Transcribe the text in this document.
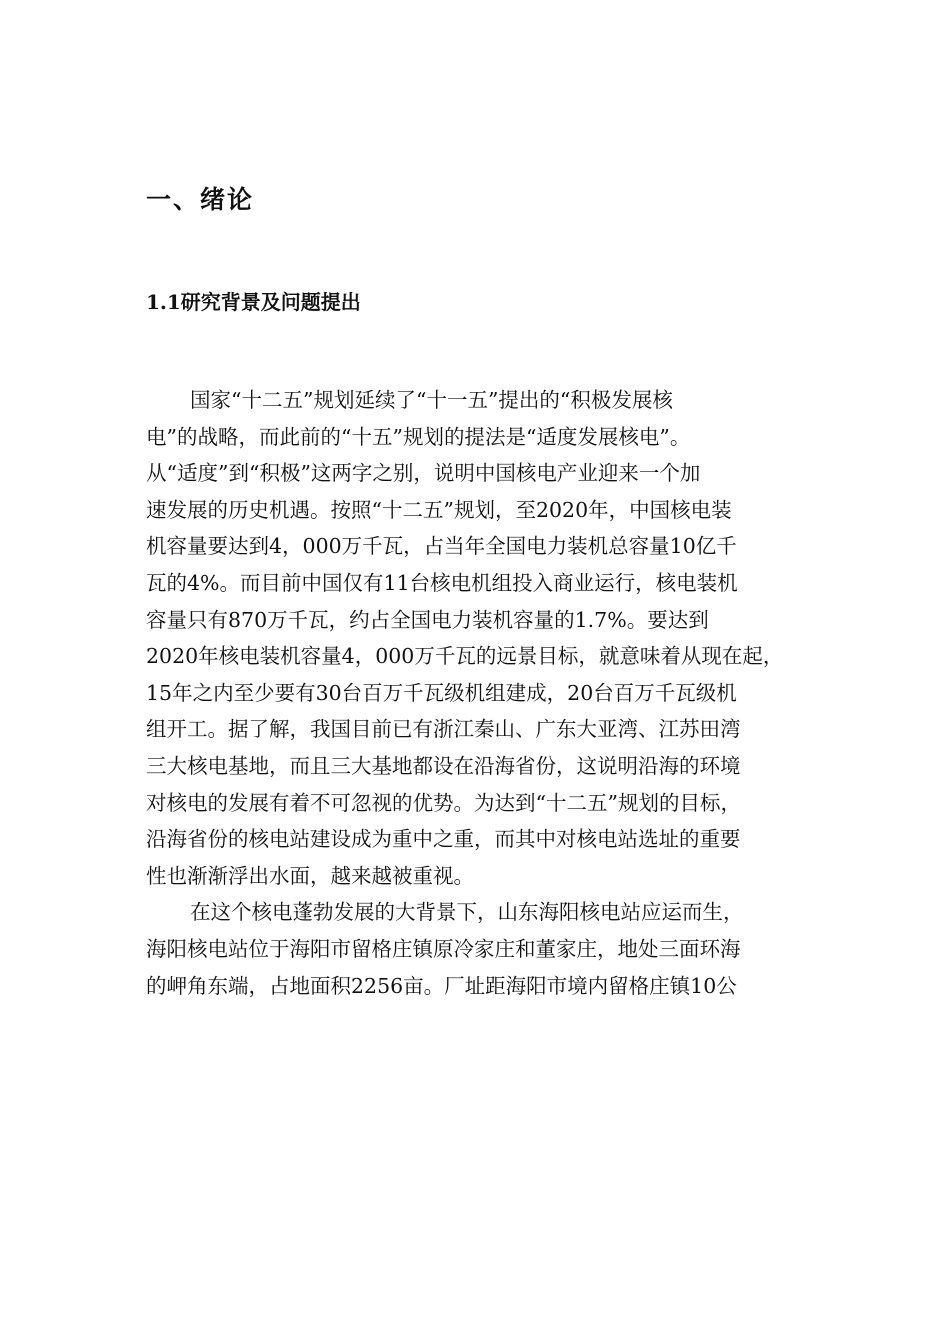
一、绪论
1.1研究背景及问题提出
国家“十二五”规划延续了“十一五”提出的“积极发展核
电”的战略，而此前的“十五”规划的提法是“适度发展核电”。
从“适度”到“积极”这两字之别，说明中国核电产业迎来一个加
速发展的历史机遇。按照“十二五”规划，至2020年，中国核电装
机容量要达到4，000万千瓦，占当年全国电力装机总容量10亿千
瓦的4%。而目前中国仅有11台核电机组投入商业运行，核电装机
容量只有870万千瓦，约占全国电力装机容量的1.7%。要达到
2020年核电装机容量4，000万千瓦的远景目标，就意味着从现在起，
15年之内至少要有30台百万千瓦级机组建成，20台百万千瓦级机
组开工。据了解，我国目前已有浙江秦山、广东大亚湾、江苏田湾
三大核电基地，而且三大基地都设在沿海省份，这说明沿海的环境
对核电的发展有着不可忽视的优势。为达到“十二五”规划的目标，
沿海省份的核电站建设成为重中之重，而其中对核电站选址的重要
性也渐渐浮出水面，越来越被重视。
在这个核电蓬勃发展的大背景下，山东海阳核电站应运而生，
海阳核电站位于海阳市留格庄镇原冷家庄和董家庄，地处三面环海
的岬角东端，占地面积2256亩。厂址距海阳市境内留格庄镇10公
